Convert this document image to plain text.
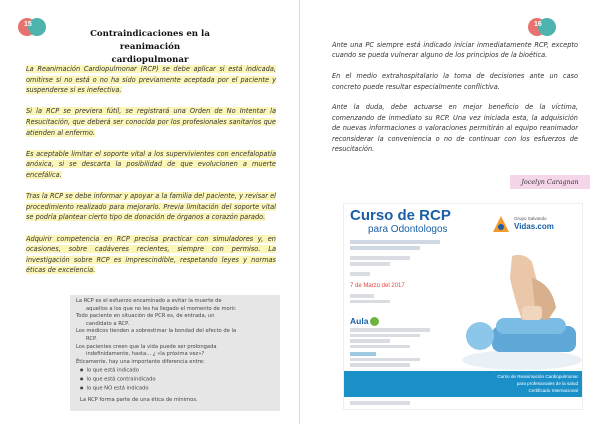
15
Contraindicaciones en la reanimación
cardiopulmonar

La Reanimación Cardiopulmonar (RCP) se debe aplicar si está indicada, omitirse si no está o no ha sido previamente aceptada por el paciente y suspenderse si es inefectiva.

Si la RCP se previera fútil, se registrará una Orden de No Intentar la Resucitación, que deberá ser conocida por los profesionales sanitarios que atienden al enfermo.

Es aceptable limitar el soporte vital a los supervivientes con encefalopatía anóxica, si se descarta la posibilidad de que evolucionen a muerte encefálica.

Tras la RCP se debe informar y apoyar a la familia del paciente, y revisar el procedimiento realizado para mejorarlo. Previa limitación del soporte vital se podría plantear cierto tipo de donación de órganos a corazón parado.

Adquirir competencia en RCP precisa practicar con simuladores y, en ocasiones, sobre cadáveres recientes, siempre con permiso. La investigación sobre RCP es imprescindible, respetando leyes y normas éticas de excelencia.

La RCP es el esfuerzo encaminado a evitar la muerte de
aquellos a los que no les ha llegado el momento de morir.
Todo paciente en situación de PCR es, de entrada, un
candidato a RCP.
Los médicos tienden a sobrestimar la bondad del efecto de la
RCP.
Los pacientes creen que la vida puede ser prolongada
indefinidamente, hasta... ¿ «la próxima vez»?
Éticamente, hay una importante diferencia entre:
● lo que está indicado
● lo que está contraindicado
● lo que NO está indicado
La RCP forma parte de una ética de mínimos.
16

Ante una PC siempre está indicado iniciar inmediatamente RCP, excepto cuando se pueda vulnerar alguno de los principios de la bioética.

En el medio extrahospitalario la toma de decisiones ante un caso concreto puede resultar especialmente conflictiva.

Ante la duda, debe actuarse en mejor beneficio de la víctima, comenzando de inmediato su RCP. Una vez iniciada esta, la adquisición de nuevas informaciones o valoraciones permitirán al equipo reanimador reconsiderar la conveniencia o no de continuar con los esfuerzos de resucitación.

Jocelyn Caragnan
Curso de RCP
para Odontologos
Grupo Salvando
Vidas.com
7 de Marzo del 2017
Aula
Curso de Reanimación Cardiopulmonar
para profesionales de la salud
Certificado Internacional
